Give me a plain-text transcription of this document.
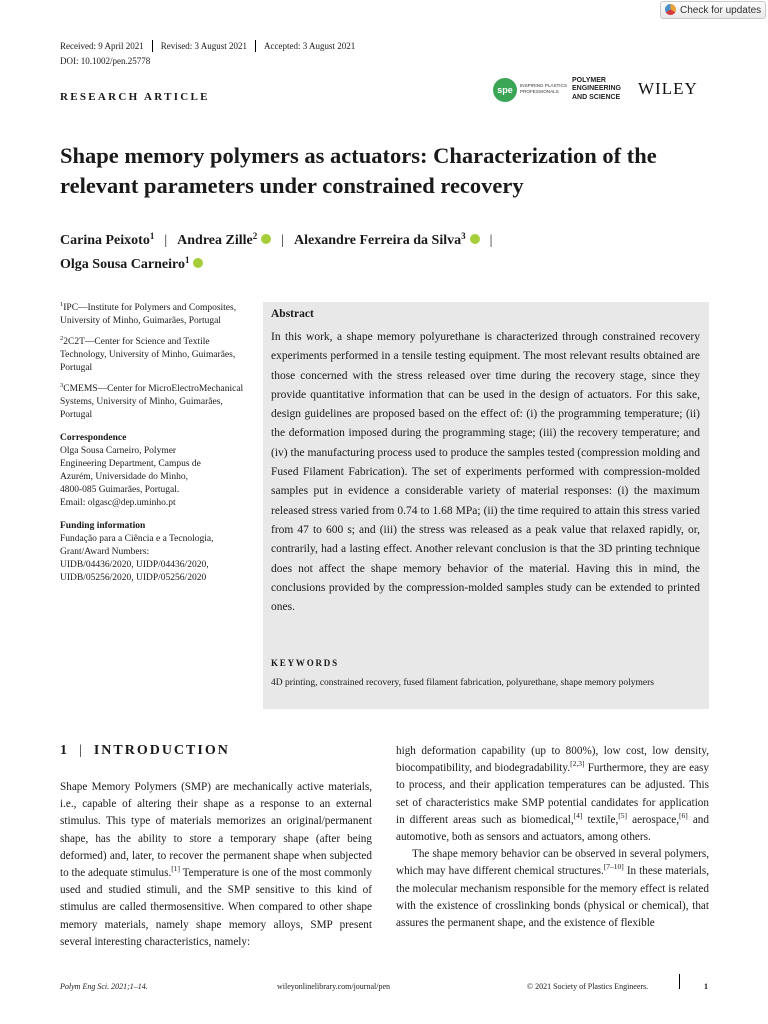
Check for updates
Received: 9 April 2021 Revised: 3 August 2021 Accepted: 3 August 2021
DOI: 10.1002/pen.25778
RESEARCH ARTICLE
spe	INSPIRING PLASTICS PROFESSIONALS
POLYMER
ENGINEERING
AND SCIENCE WILEY
Shape memory polymers as actuators: Characterization of the relevant parameters under constrained recovery
Carina Peixoto$^1$ | Andrea Zille$^2$ | Alexandre Ferreira da Silva$^3$ |
Olga Sousa Carneiro$^1$

$^1$IPC—Institute for Polymers and Composites, University of Minho, Guimarães, Portugal

$^2$2C2T—Center for Science and Textile Technology, University of Minho, Guimarães, Portugal

$^3$CMEMS—Center for MicroElectroMechanical Systems, University of Minho, Guimarães, Portugal

Correspondence
Olga Sousa Carneiro, Polymer
Engineering Department, Campus de
Azurém, Universidade do Minho,
4800-085 Guimarães, Portugal.
Email: olgasc@dep.uminho.pt
Funding information
Fundação para a Ciência e a Tecnologia,
Grant/Award Numbers:
UIDB/04436/2020, UIDP/04436/2020,
UIDB/05256/2020, UIDP/05256/2020
Abstract
In this work, a shape memory polyurethane is characterized through constrained recovery experiments performed in a tensile testing equipment. The most relevant results obtained are those concerned with the stress released over time during the recovery stage, since they provide quantitative information that can be used in the design of actuators. For this sake, design guidelines are proposed based on the effect of: (i) the programming temperature; (ii) the deformation imposed during the programming stage; (iii) the recovery temperature; and (iv) the manufacturing process used to produce the samples tested (compression molding and Fused Filament Fabrication). The set of experiments performed with compression-molded samples put in evidence a considerable variety of material responses: (i) the maximum released stress varied from 0.74 to 1.68 MPa; (ii) the time required to attain this stress varied from 47 to 600 s; and (iii) the stress was released as a peak value that relaxed rapidly, or, contrarily, had a lasting effect. Another relevant conclusion is that the 3D printing technique does not affect the shape memory behavior of the material. Having this in mind, the conclusions provided by the compression-molded samples study can be extended to printed ones.
KEYWORDS
4D printing, constrained recovery, fused filament fabrication, polyurethane, shape memory polymers
1 | INTRODUCTION

Shape Memory Polymers (SMP) are mechanically active materials, i.e., capable of altering their shape as a response to an external stimulus. This type of materials memorizes an original/permanent shape, has the ability to store a temporary shape (after being deformed) and, later, to recover the permanent shape when subjected to the adequate stimulus.[1] Temperature is one of the most commonly used and studied stimuli, and the SMP sensitive to this kind of stimulus are called thermosensitive. When compared to other shape memory materials, namely shape memory alloys, SMP present several interesting characteristics, namely:

high deformation capability (up to 800%), low cost, low density, biocompatibility, and biodegradability.[2,3] Furthermore, they are easy to process, and their application temperatures can be adjusted. This set of characteristics make SMP potential candidates for application in different areas such as biomedical,[4] textile,[5] aerospace,[6] and automotive, both as sensors and actuators, among others.

The shape memory behavior can be observed in several polymers, which may have different chemical structures.[7–10] In these materials, the molecular mechanism responsible for the memory effect is related with the existence of crosslinking bonds (physical or chemical), that assures the permanent shape, and the existence of flexible

Polym Eng Sci. 2021;1–14.	wileyonlinelibrary.com/journal/pen	© 2021 Society of Plastics Engineers.	1
